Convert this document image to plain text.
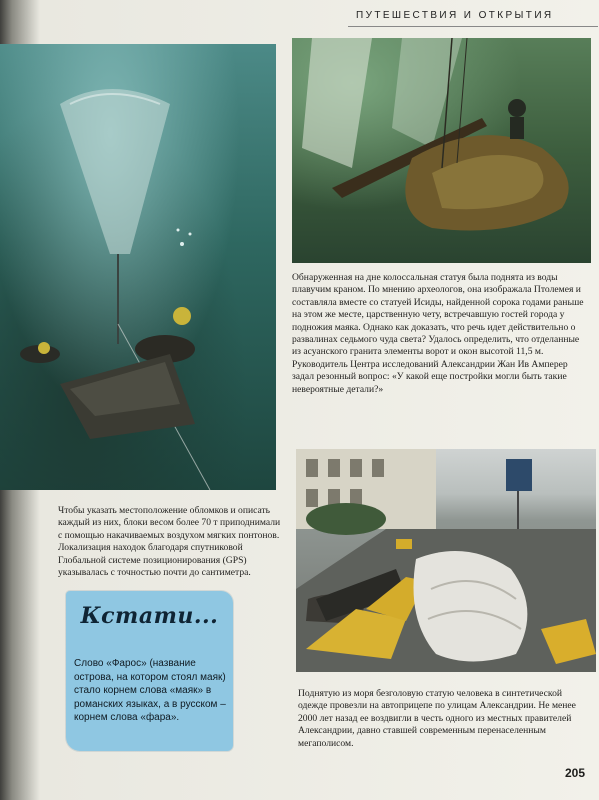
ПУТЕШЕСТВИЯ И ОТКРЫТИЯ
Обнаруженная на дне колоссальная статуя была поднята из воды плавучим краном. По мнению археологов, она изображала Птолемея и составляла вместе со статуей Исиды, найденной сорока годами раньше на этом же месте, царственную чету, встречавшую гостей города у подножия маяка. Однако как доказать, что речь идет действительно о развалинах седьмого чуда света? Удалось определить, что отделанные из асуанского гранита элементы ворот и окон высотой 11,5 м. Руководитель Центра исследований Александрии Жан Ив Амперер задал резонный вопрос: «У какой еще постройки могли быть такие невероятные детали?»
Чтобы указать местоположение обломков и описать каждый из них, блоки весом более 70 т приподнимали с помощью накачиваемых воздухом мягких понтонов. Локализация находок благодаря спутниковой Глобальной системе позиционирования (GPS) указывалась с точностью почти до сантиметра.
Поднятую из моря безголовую статую человека в синтетической одежде провезли на автоприцепе по улицам Александрии. Не менее 2000 лет назад ее воздвигли в честь одного из местных правителей Александрии, давно ставшей современным перенаселенным мегаполисом.
Кстати...
Слово «Фарос» (название острова, на котором стоял маяк) стало корнем слова «маяк» в романских языках, а в русском – корнем слова «фара».
205
